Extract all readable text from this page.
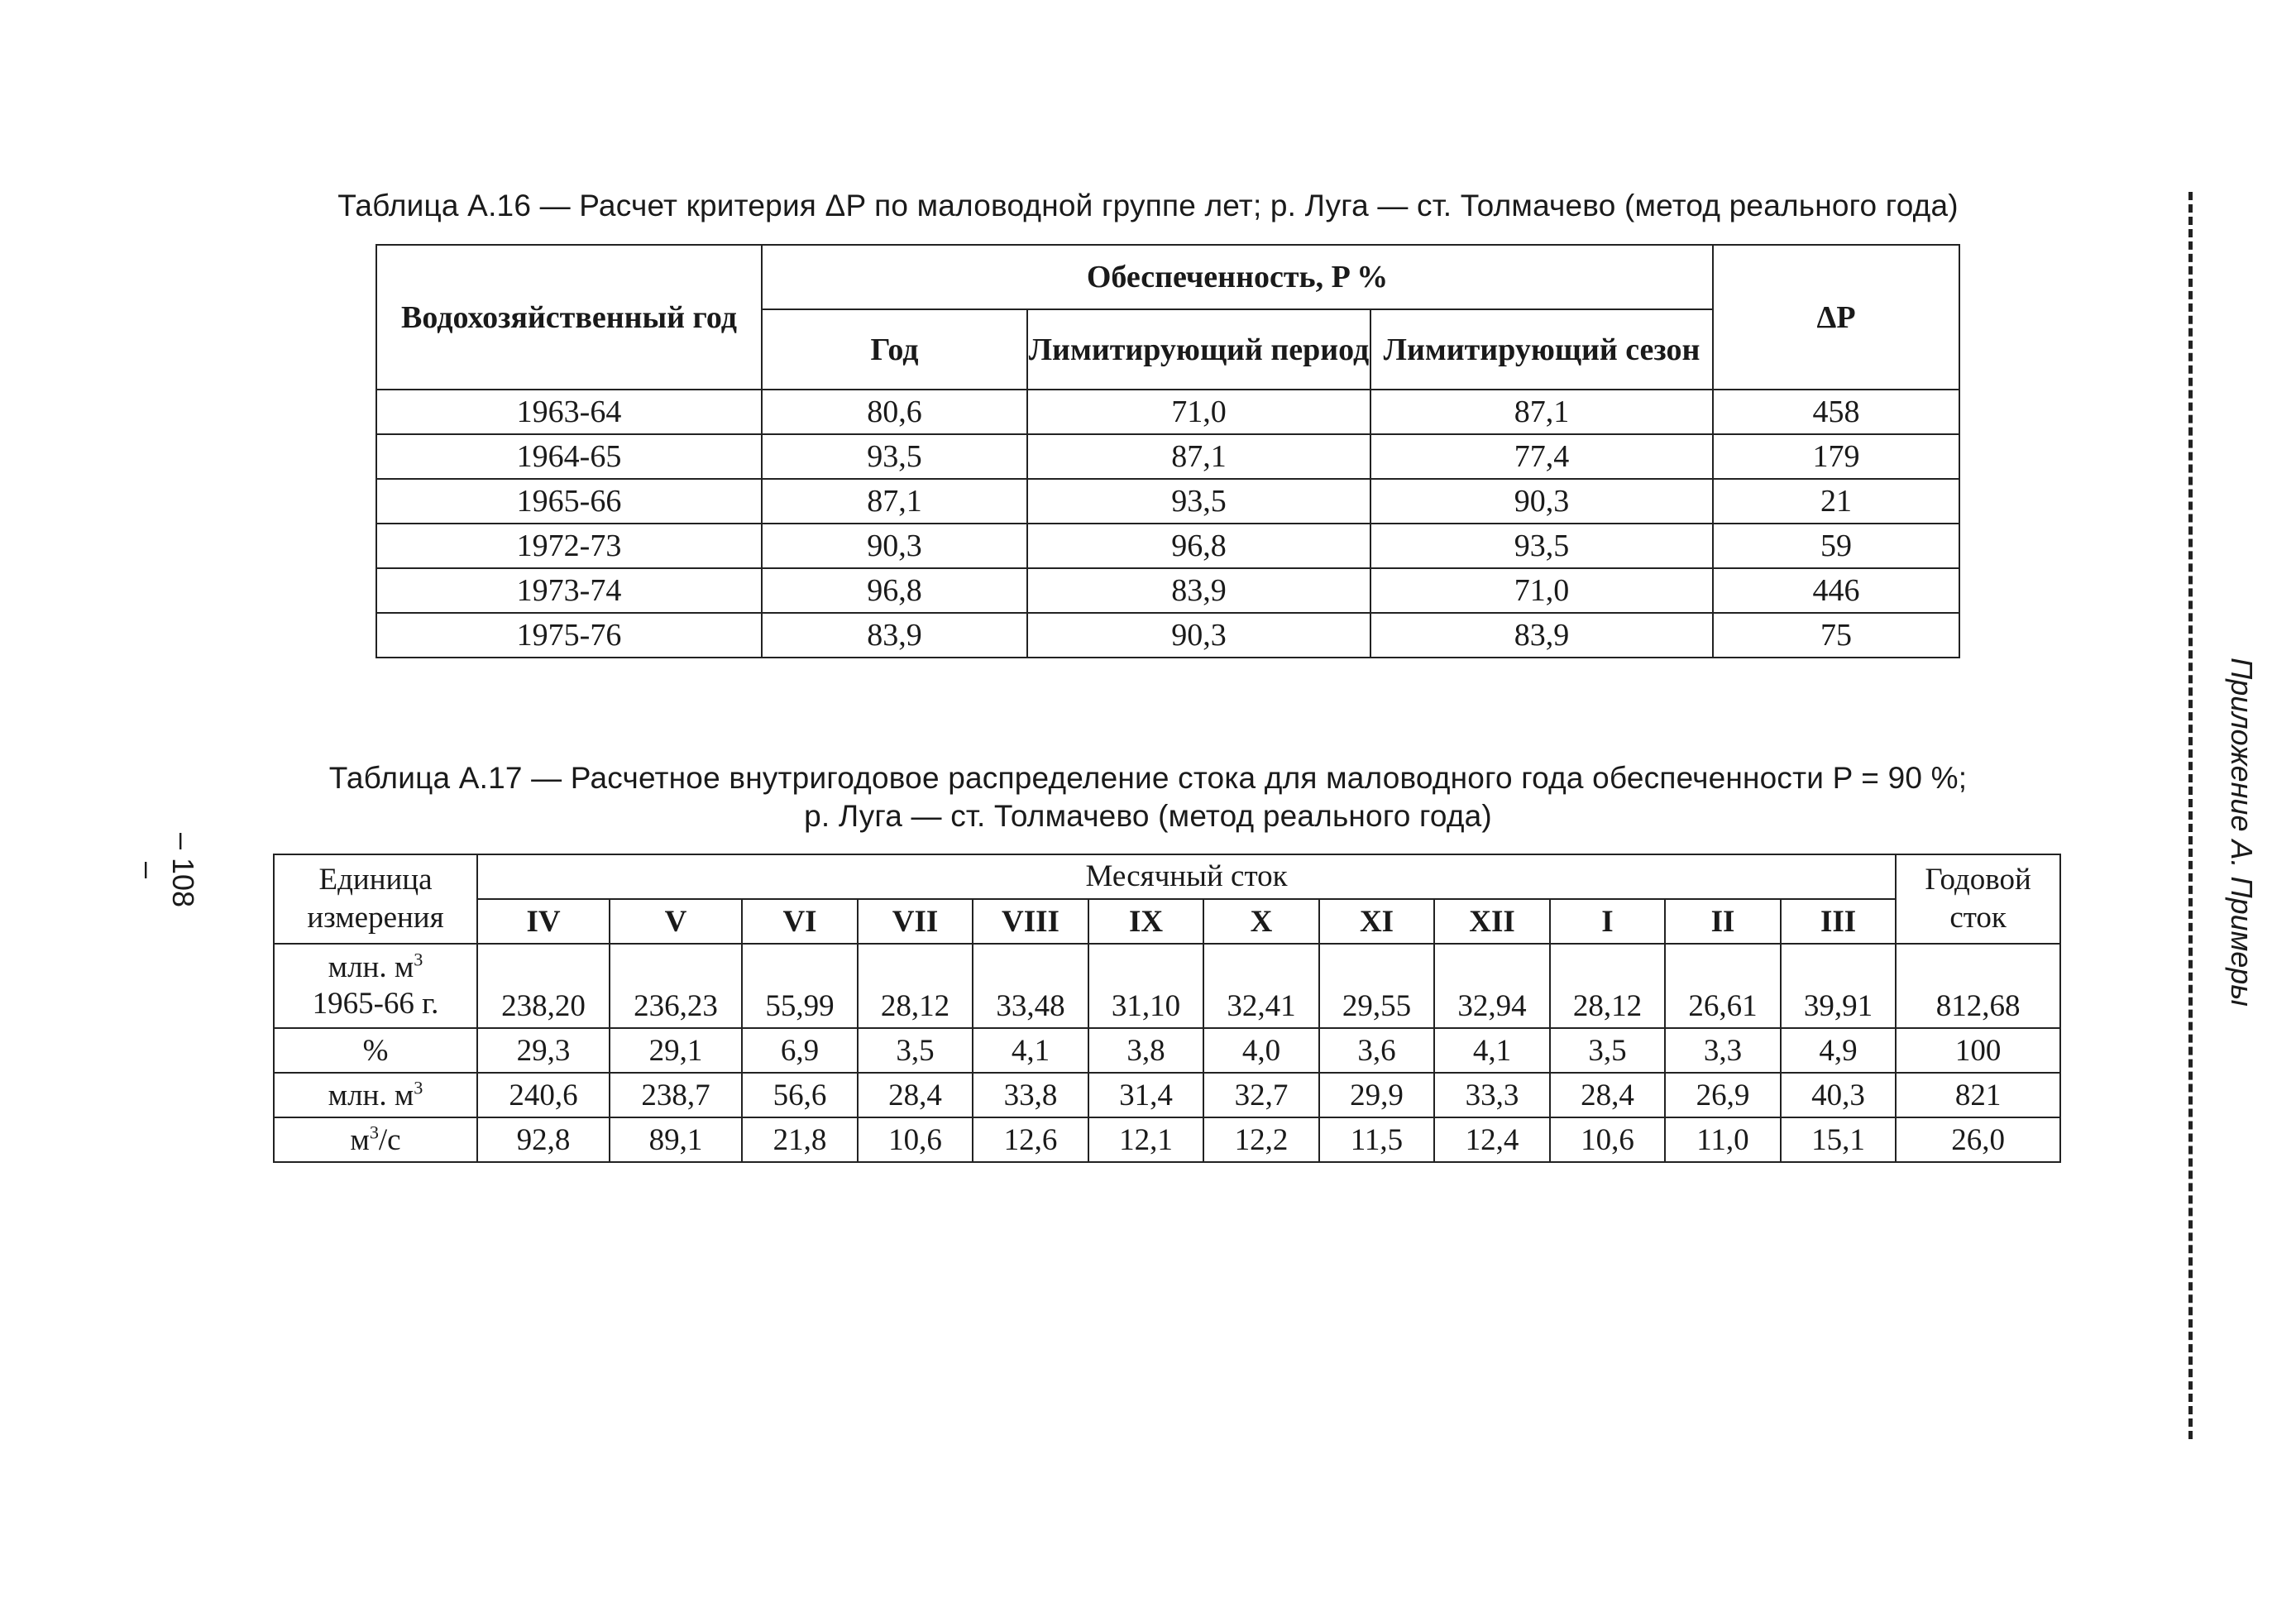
Таблица А.16 — Расчет критерия ΔP по маловодной группе лет; р. Луга — ст. Толмачево (метод реального года)
Водохозяйственный год	Обеспеченность, P %			ΔP
	Год	Лимитирующий период	Лимитирующий сезон	
1963-64	80,6	71,0	87,1	458
1964-65	93,5	87,1	77,4	179
1965-66	87,1	93,5	90,3	21
1972-73	90,3	96,8	93,5	59
1973-74	96,8	83,9	71,0	446
1975-76	83,9	90,3	83,9	75
Таблица А.17 — Расчетное внутригодовое распределение стока для маловодного года обеспеченности P = 90 %;
р. Луга — ст. Толмачево (метод реального года)
Единица измерения	Месячный сток												Годовой сток
	IV	V	VI	VII	VIII	IX	X	XI	XII	I	II	III	
млн. $м^3$
1965-66 г.	238,20	236,23	55,99	28,12	33,48	31,10	32,41	29,55	32,94	28,12	26,61	39,91	812,68
%	29,3	29,1	6,9	3,5	4,1	3,8	4,0	3,6	4,1	3,5	3,3	4,9	100
млн. $м^3$	240,6	238,7	56,6	28,4	33,8	31,4	32,7	29,9	33,3	28,4	26,9	40,3	821
$м^3/с$	92,8	89,1	21,8	10,6	12,6	12,1	12,2	11,5	12,4	10,6	11,0	15,1	26,0
– 108 –	Приложение А. Примеры
